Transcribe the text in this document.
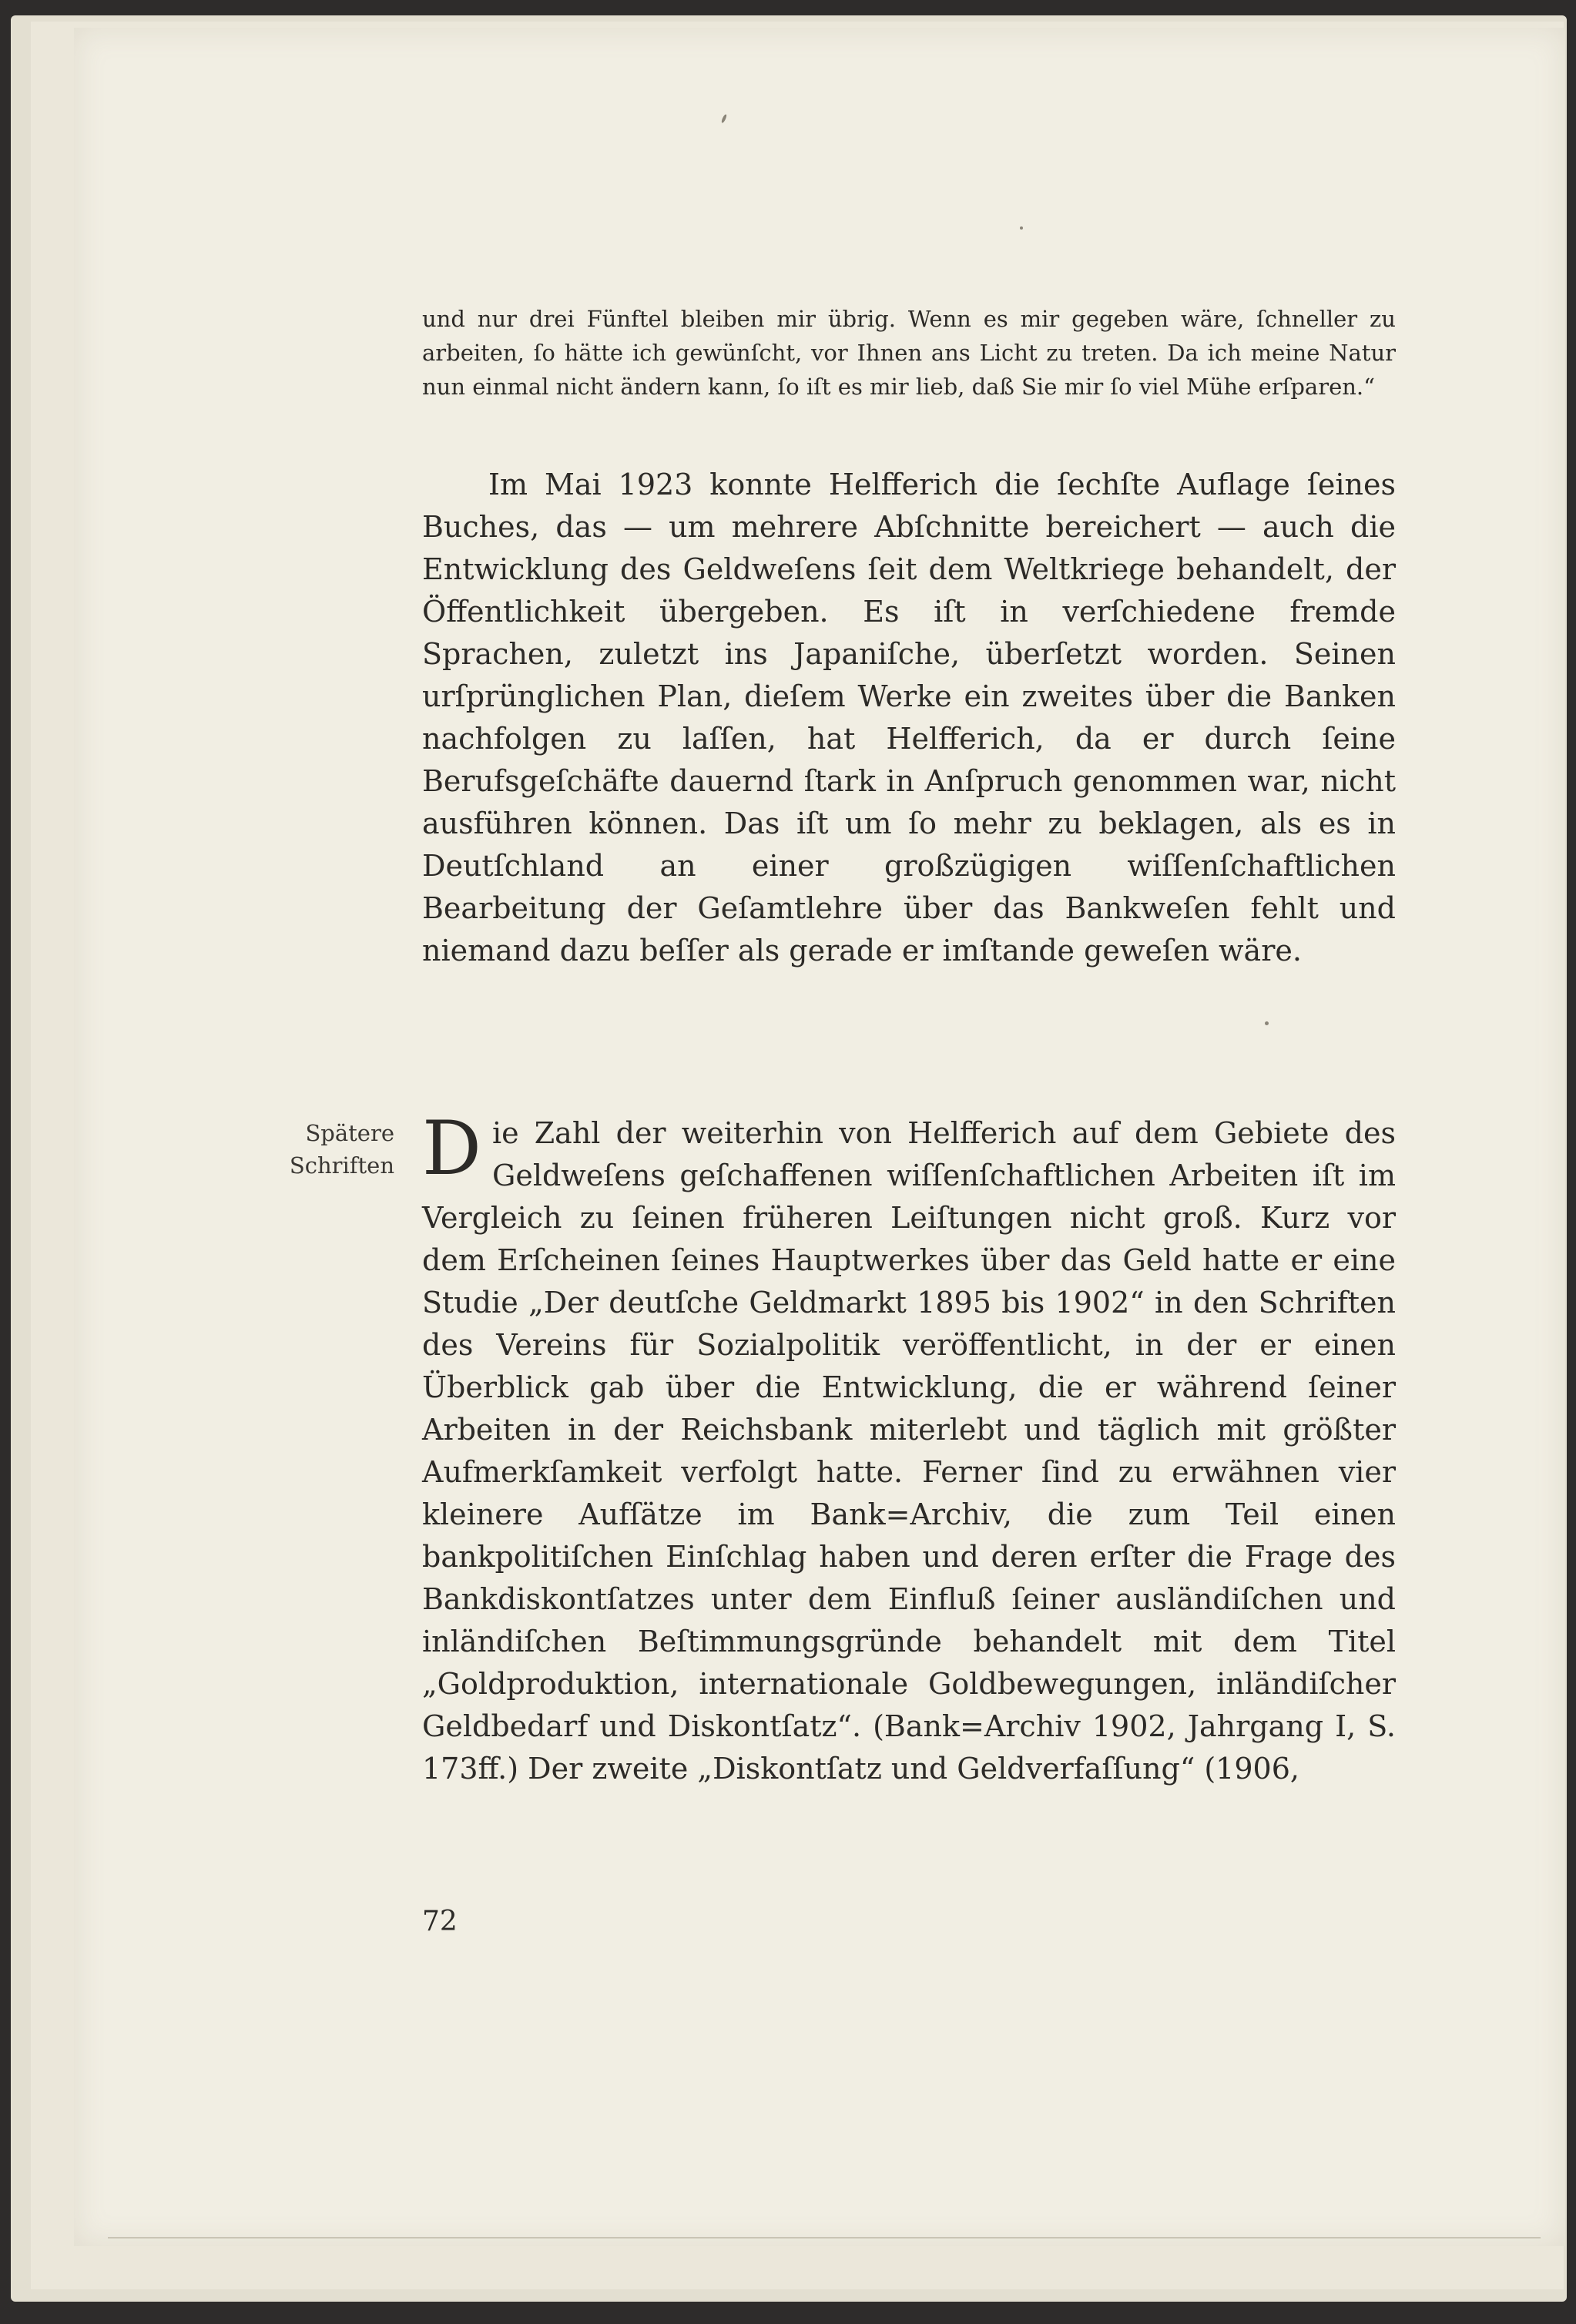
und nur drei Fünftel bleiben mir übrig. Wenn es mir gegeben wäre, ſchneller zu arbeiten, ſo hätte ich gewünſcht, vor Ihnen ans Licht zu treten. Da ich meine Natur nun einmal nicht ändern kann, ſo iſt es mir lieb, daß Sie mir ſo viel Mühe erſparen.“

Im Mai 1923 konnte Helfferich die ſechſte Auflage ſeines Buches, das — um mehrere Abſchnitte bereichert — auch die Entwicklung des Geldweſens ſeit dem Weltkriege behandelt, der Öffentlichkeit übergeben. Es iſt in verſchiedene fremde Sprachen, zuletzt ins Japaniſche, überſetzt worden. Seinen urſprünglichen Plan, dieſem Werke ein zweites über die Banken nachfolgen zu laſſen, hat Helfferich, da er durch ſeine Berufsgeſchäfte dauernd ſtark in Anſpruch genommen war, nicht ausführen können. Das iſt um ſo mehr zu beklagen, als es in Deutſchland an einer großzügigen wiſſenſchaftlichen Bearbeitung der Geſamtlehre über das Bankweſen fehlt und niemand dazu beſſer als gerade er imſtande geweſen wäre.

Spätere
Schriften Die Zahl der weiterhin von Helfferich auf dem Gebiete des Geldweſens geſchaffenen wiſſenſchaftlichen Arbeiten iſt im Vergleich zu ſeinen früheren Leiſtungen nicht groß. Kurz vor dem Erſcheinen ſeines Hauptwerkes über das Geld hatte er eine Studie „Der deutſche Geldmarkt 1895 bis 1902“ in den Schriften des Vereins für Sozialpolitik veröffentlicht, in der er einen Überblick gab über die Entwicklung, die er während ſeiner Arbeiten in der Reichsbank miterlebt und täglich mit größter Aufmerkſamkeit verfolgt hatte. Ferner ſind zu erwähnen vier kleinere Aufſätze im Bank=Archiv, die zum Teil einen bankpolitiſchen Einſchlag haben und deren erſter die Frage des Bankdiskontſatzes unter dem Einfluß ſeiner ausländiſchen und inländiſchen Beſtimmungsgründe behandelt mit dem Titel „Goldproduktion, internationale Goldbewegungen, inländiſcher Geldbedarf und Diskontſatz“. (Bank=Archiv 1902, Jahrgang I, S. 173ff.) Der zweite „Diskontſatz und Geldverfaſſung“ (1906,

72
